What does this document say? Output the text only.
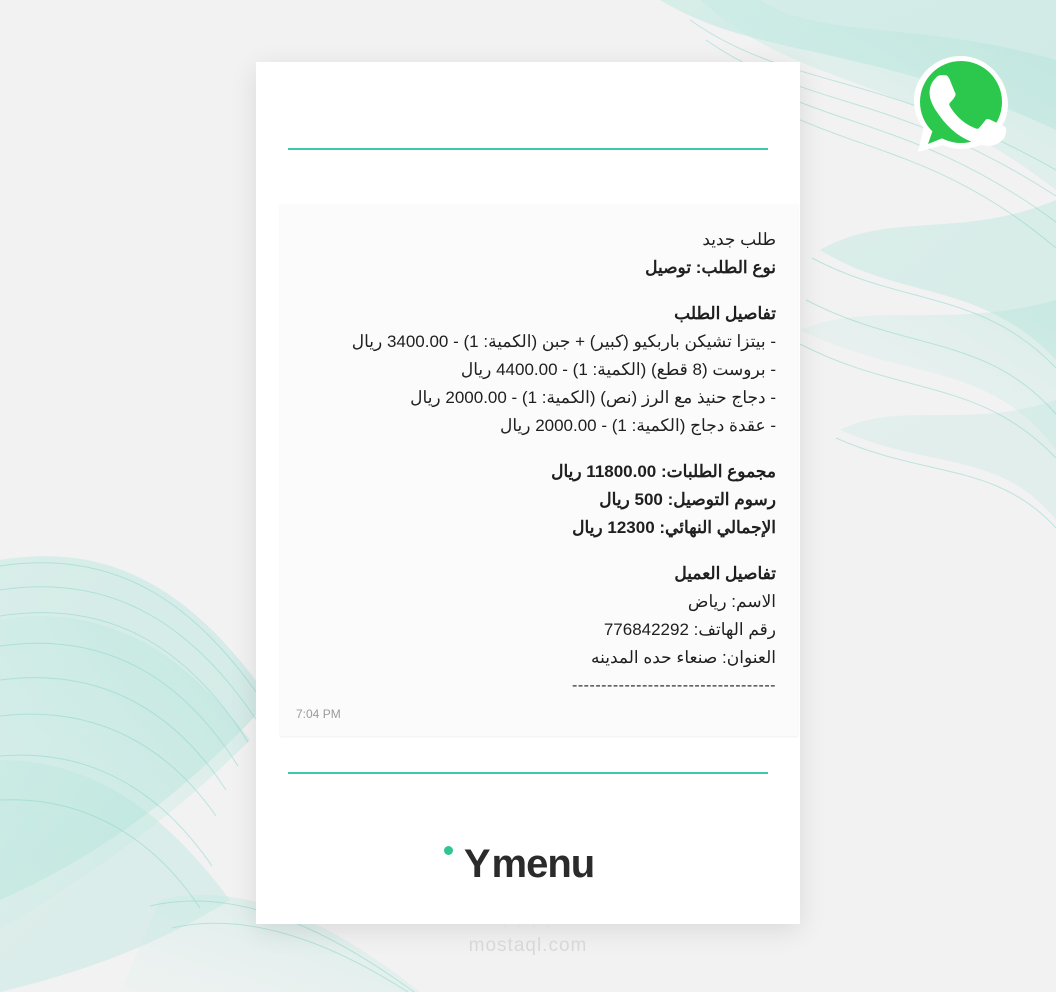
طلب جديد
نوع الطلب: توصيل
تفاصيل الطلب
- بيتزا تشيكن باربكيو (كبير) + جبن (الكمية: 1) - 3400.00 ريال
- بروست (8 قطع) (الكمية: 1) - 4400.00 ريال
- دجاج حنيذ مع الرز (نص) (الكمية: 1) - 2000.00 ريال
- عقدة دجاج (الكمية: 1) - 2000.00 ريال
مجموع الطلبات: 11800.00 ريال
رسوم التوصيل: 500 ريال
الإجمالي النهائي: 12300 ريال
تفاصيل العميل
الاسم: رياض
رقم الهاتف: 776842292
العنوان: صنعاء حده المدينه
-----------------------------------
7:04 PM
Y menu
• • • •
mostaql.com
